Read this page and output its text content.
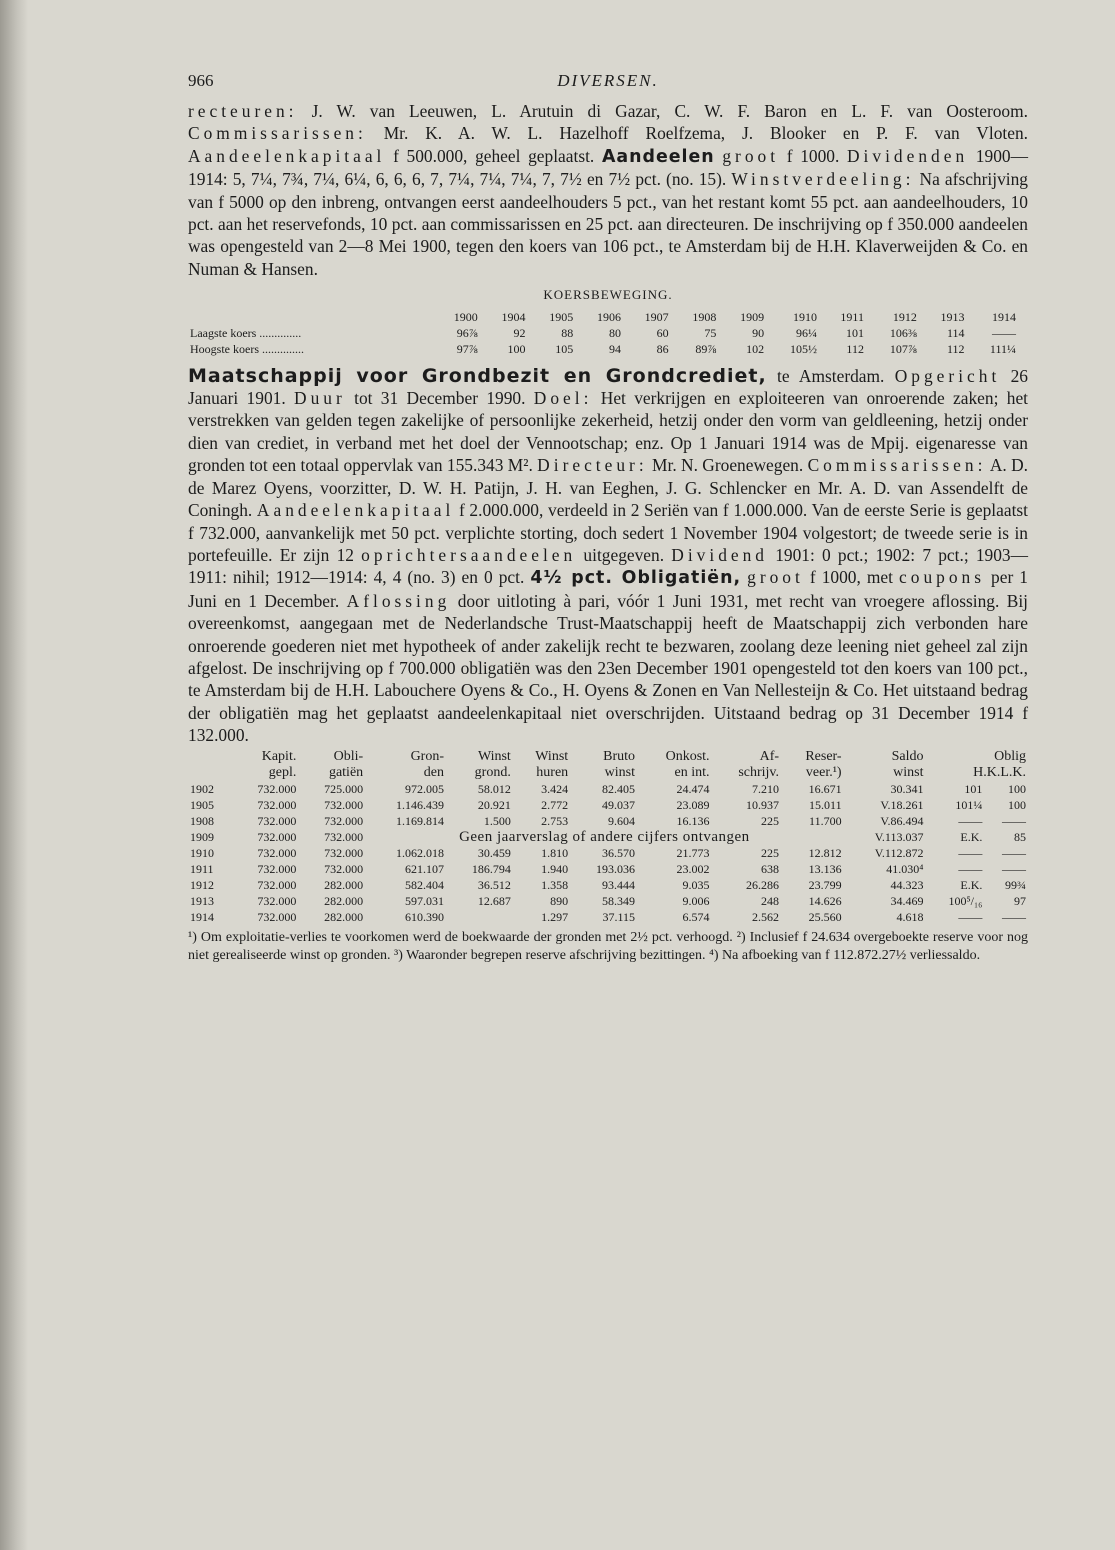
966	DIVERSEN.

recteuren: J. W. van Leeuwen, L. Arutuin di Gazar, C. W. F. Baron en L. F. van Oosteroom. Commissarissen: Mr. K. A. W. L. Hazelhoff Roelfzema, J. Blooker en P. F. van Vloten. Aandeelenkapitaal f 500.000, geheel geplaatst. Aandeelen groot f 1000. Dividenden 1900—1914: 5, 7¼, 7¾, 7¼, 6¼, 6, 6, 6, 7, 7¼, 7¼, 7¼, 7, 7½ en 7½ pct. (no. 15). Winstverdeeling: Na afschrijving van f 5000 op den inbreng, ontvangen eerst aandeelhouders 5 pct., van het restant komt 55 pct. aan aandeelhouders, 10 pct. aan het reservefonds, 10 pct. aan commissarissen en 25 pct. aan directeuren. De inschrijving op f 350.000 aandeelen was opengesteld van 2—8 Mei 1900, tegen den koers van 106 pct., te Amsterdam bij de H.H. Klaverweijden & Co. en Numan & Hansen.

KOERSBEWEGING.
	1900	1904	1905	1906	1907	1908	1909	1910	1911	1912	1913	1914
Laagste koers ..............	96⅞	92	88	80	60	75	90	96¼	101	106⅜	114	——
Hoogste koers ..............	97⅞	100	105	94	86	89⅞	102	105½	112	107⅞	112	111¼

Maatschappij voor Grondbezit en Grondcrediet, te Amsterdam. Opgericht 26 Januari 1901. Duur tot 31 December 1990. Doel: Het verkrijgen en exploiteeren van onroerende zaken; het verstrekken van gelden tegen zakelijke of persoonlijke zekerheid, hetzij onder den vorm van geldleening, hetzij onder dien van crediet, in verband met het doel der Vennootschap; enz. Op 1 Januari 1914 was de Mpij. eigenaresse van gronden tot een totaal oppervlak van 155.343 M². Directeur: Mr. N. Groenewegen. Commissarissen: A. D. de Marez Oyens, voorzitter, D. W. H. Patijn, J. H. van Eeghen, J. G. Schlencker en Mr. A. D. van Assendelft de Coningh. Aandeelenkapitaal f 2.000.000, verdeeld in 2 Seriën van f 1.000.000. Van de eerste Serie is geplaatst f 732.000, aanvankelijk met 50 pct. verplichte storting, doch sedert 1 November 1904 volgestort; de tweede serie is in portefeuille. Er zijn 12 oprichtersaandeelen uitgegeven. Dividend 1901: 0 pct.; 1902: 7 pct.; 1903—1911: nihil; 1912—1914: 4, 4 (no. 3) en 0 pct. 4½ pct. Obligatiën, groot f 1000, met coupons per 1 Juni en 1 December. Aflossing door uitloting à pari, vóór 1 Juni 1931, met recht van vroegere aflossing. Bij overeenkomst, aangegaan met de Nederlandsche Trust-Maatschappij heeft de Maatschappij zich verbonden hare onroerende goederen niet met hypotheek of ander zakelijk recht te bezwaren, zoolang deze leening niet geheel zal zijn afgelost. De inschrijving op f 700.000 obligatiën was den 23en December 1901 opengesteld tot den koers van 100 pct., te Amsterdam bij de H.H. Labouchere Oyens & Co., H. Oyens & Zonen en Van Nellesteijn & Co. Het uitstaand bedrag der obligatiën mag het geplaatst aandeelenkapitaal niet overschrijden. Uitstaand bedrag op 31 December 1914 f 132.000.

	Kapit.	Obli-	Gron-	Winst	Winst	Bruto	Onkost.	Af-	Reser-	Saldo	Oblig	
	gepl.	gatiën	den	grond.	huren	winst	en int.	schrijv.	veer.¹)	winst	H.K.L.K.	
1902	732.000	725.000	972.005	58.012	3.424	82.405	24.474	7.210	16.671	30.341	101	100
1905	732.000	732.000	1.146.439	20.921	2.772	49.037	23.089	10.937	15.011	V.18.261	101¼	100
1908	732.000	732.000	1.169.814	1.500	2.753	9.604	16.136	225	11.700	V.86.494	——	——
1909	732.000	732.000	Geen jaarverslag of andere cijfers ontvangen							V.113.037	E.K.	85
1910	732.000	732.000	1.062.018	30.459	1.810	36.570	21.773	225	12.812	V.112.872	——	——
1911	732.000	732.000	621.107	186.794	1.940	193.036	23.002	638	13.136	41.030⁴	——	——
1912	732.000	282.000	582.404	36.512	1.358	93.444	9.035	26.286	23.799	44.323	E.K.	99¾
1913	732.000	282.000	597.031	12.687	890	58.349	9.006	248	14.626	34.469	100⁵/₁₆	97
1914	732.000	282.000	610.390		1.297	37.115	6.574	2.562	25.560	4.618	——	——
¹) Om exploitatie-verlies te voorkomen werd de boekwaarde der gronden met 2½ pct. verhoogd. ²) Inclusief f 24.634 overgeboekte reserve voor nog niet gerealiseerde winst op gronden. ³) Waaronder begrepen reserve afschrijving bezittingen. ⁴) Na afboeking van f 112.872.27½ verliessaldo.
